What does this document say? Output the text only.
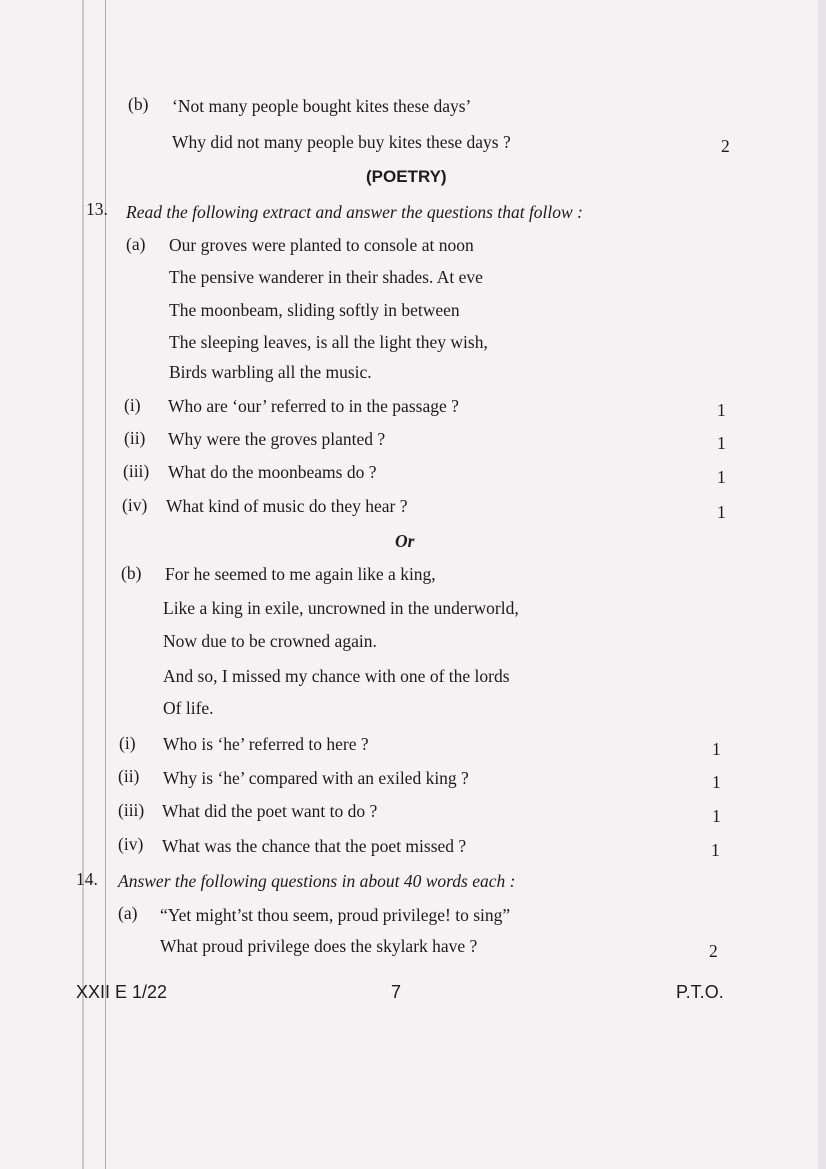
(b) ‘Not many people bought kites these days’
Why did not many people buy kites these days ?	2
(POETRY)
13. Read the following extract and answer the questions that follow :
(a) Our groves were planted to console at noon
The pensive wanderer in their shades. At eve
The moonbeam, sliding softly in between
The sleeping leaves, is all the light they wish,
Birds warbling all the music.
(i) Who are ‘our’ referred to in the passage ?	1
(ii) Why were the groves planted ?	1
(iii) What do the moonbeams do ?	1
(iv) What kind of music do they hear ?	1
Or
(b) For he seemed to me again like a king,
Like a king in exile, uncrowned in the underworld,
Now due to be crowned again.
And so, I missed my chance with one of the lords
Of life.
(i) Who is ‘he’ referred to here ?	1
(ii) Why is ‘he’ compared with an exiled king ?	1
(iii) What did the poet want to do ?	1
(iv) What was the chance that the poet missed ?	1
14. Answer the following questions in about 40 words each :
(a) “Yet might’st thou seem, proud privilege! to sing”
What proud privilege does the skylark have ?	2
XXII E 1/22	7	P.T.O.
